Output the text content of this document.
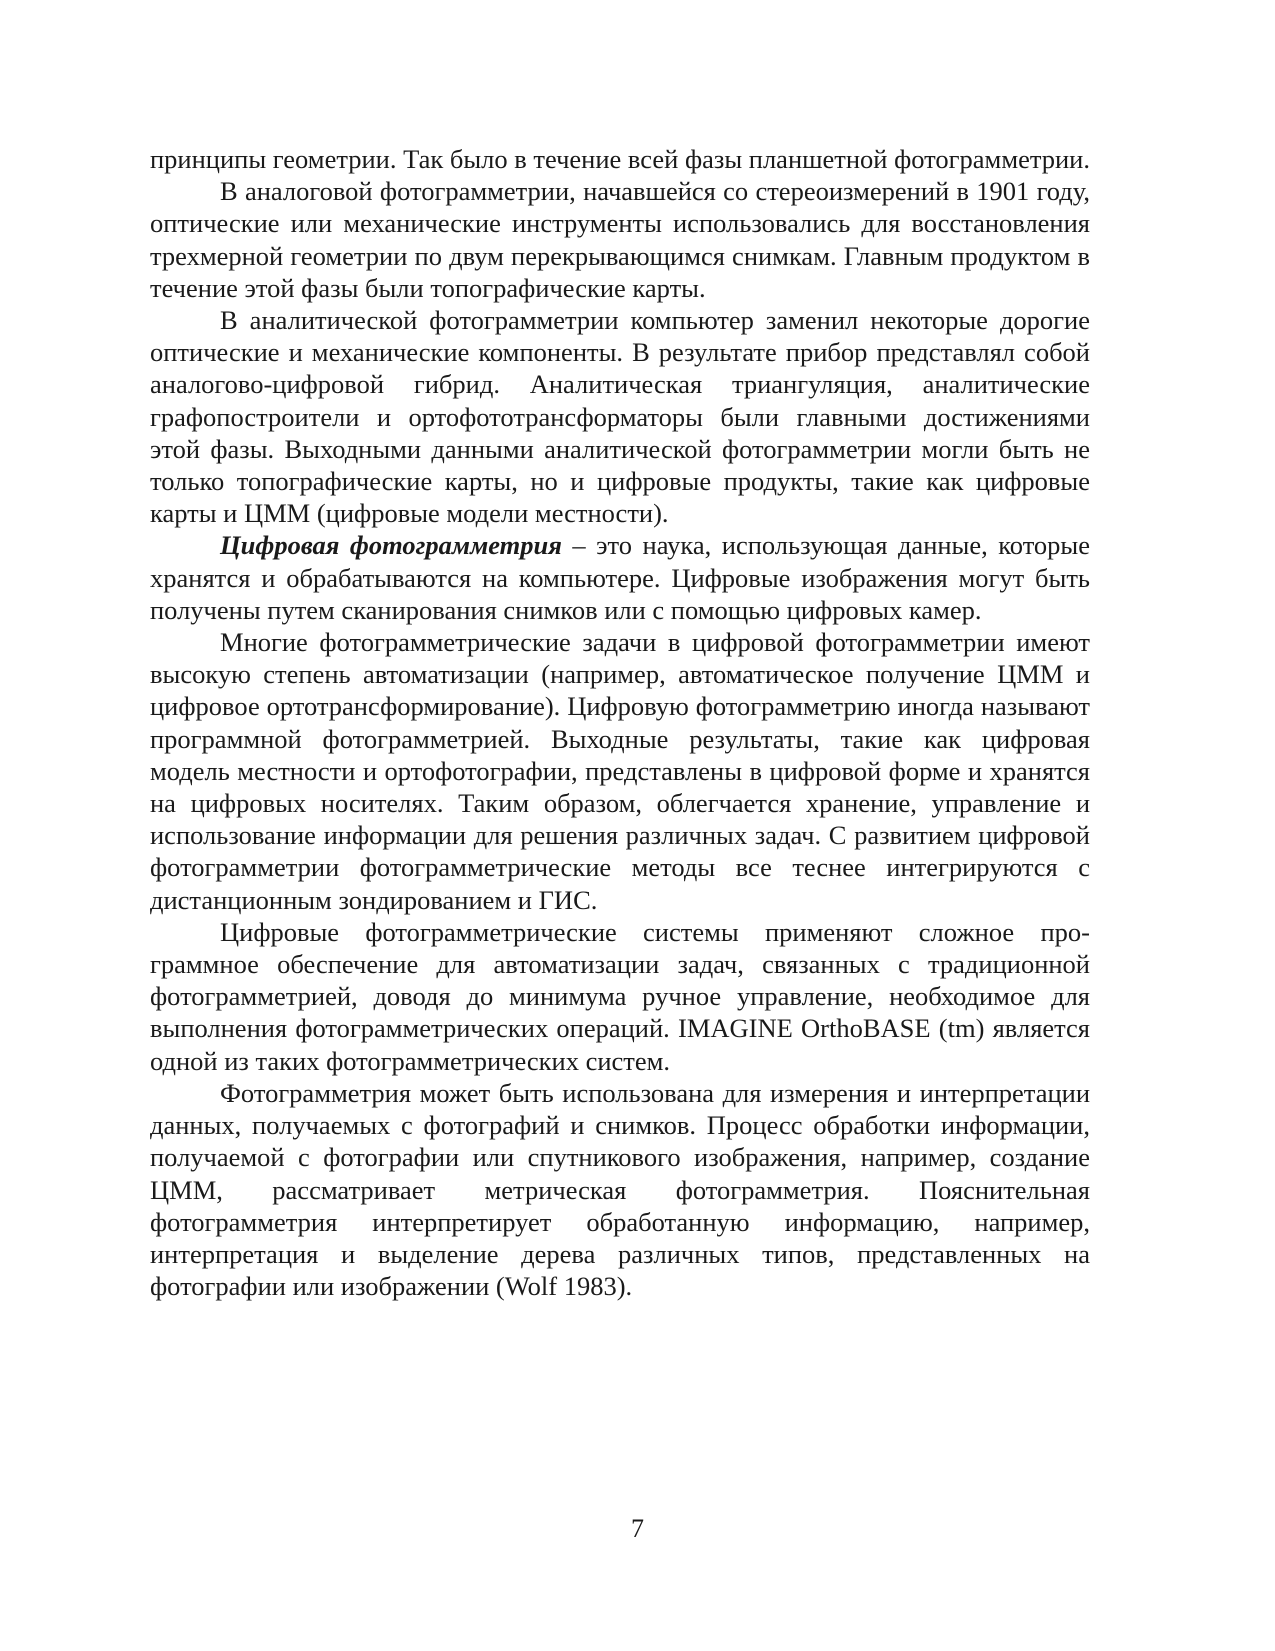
принципы геометрии. Так было в течение всей фазы планшетной фотограмметрии.

В аналоговой фотограмметрии, начавшейся со стереоизмерений в 1901 году, оптические или механические инструменты использовались для восстановления трехмерной геометрии по двум перекрывающимся снимкам. Главным продуктом в течение этой фазы были топографические карты.

В аналитической фотограмметрии компьютер заменил некоторые дорогие оптические и механические компоненты. В результате прибор представлял собой аналогово-цифровой гибрид. Аналитическая триангуляция, аналитические графопостроители и ортофототрансформаторы были главными достижениями этой фазы. Выходными данными аналитической фотограмметрии могли быть не только топографические карты, но и цифровые продукты, такие как цифровые карты и ЦММ (цифровые модели местности).

Цифровая фотограмметрия – это наука, использующая данные, которые хранятся и обрабатываются на компьютере. Цифровые изображения могут быть получены путем сканирования снимков или с помощью цифровых камер.

Многие фотограмметрические задачи в цифровой фотограмметрии имеют высокую степень автоматизации (например, автоматическое получение ЦММ и цифровое ортотрансформирование). Цифровую фотограмметрию иногда называют программной фотограмметрией. Выходные результаты, такие как цифровая модель местности и ортофотографии, представлены в цифровой форме и хранятся на цифровых носителях. Таким образом, облегчается хранение, управление и использование информации для решения различных задач. С развитием цифровой фотограмметрии фотограмметрические методы все теснее интегрируются с дистанционным зондированием и ГИС.

Цифровые фотограмметрические системы применяют сложное программное обеспечение для автоматизации задач, связанных с традиционной фотограмметрией, доводя до минимума ручное управление, необходимое для выполнения фотограмметрических операций. IMAGINE OrthoBASE (tm) является одной из таких фотограмметрических систем.

Фотограмметрия может быть использована для измерения и интерпретации данных, получаемых с фотографий и снимков. Процесс обработки информации, получаемой с фотографии или спутникового изображения, например, создание ЦММ, рассматривает метрическая фотограмметрия. Пояснительная фотограмметрия интерпретирует обработанную информацию, например, интерпретация и выделение дерева различных типов, представленных на фотографии или изображении (Wolf 1983).

7
